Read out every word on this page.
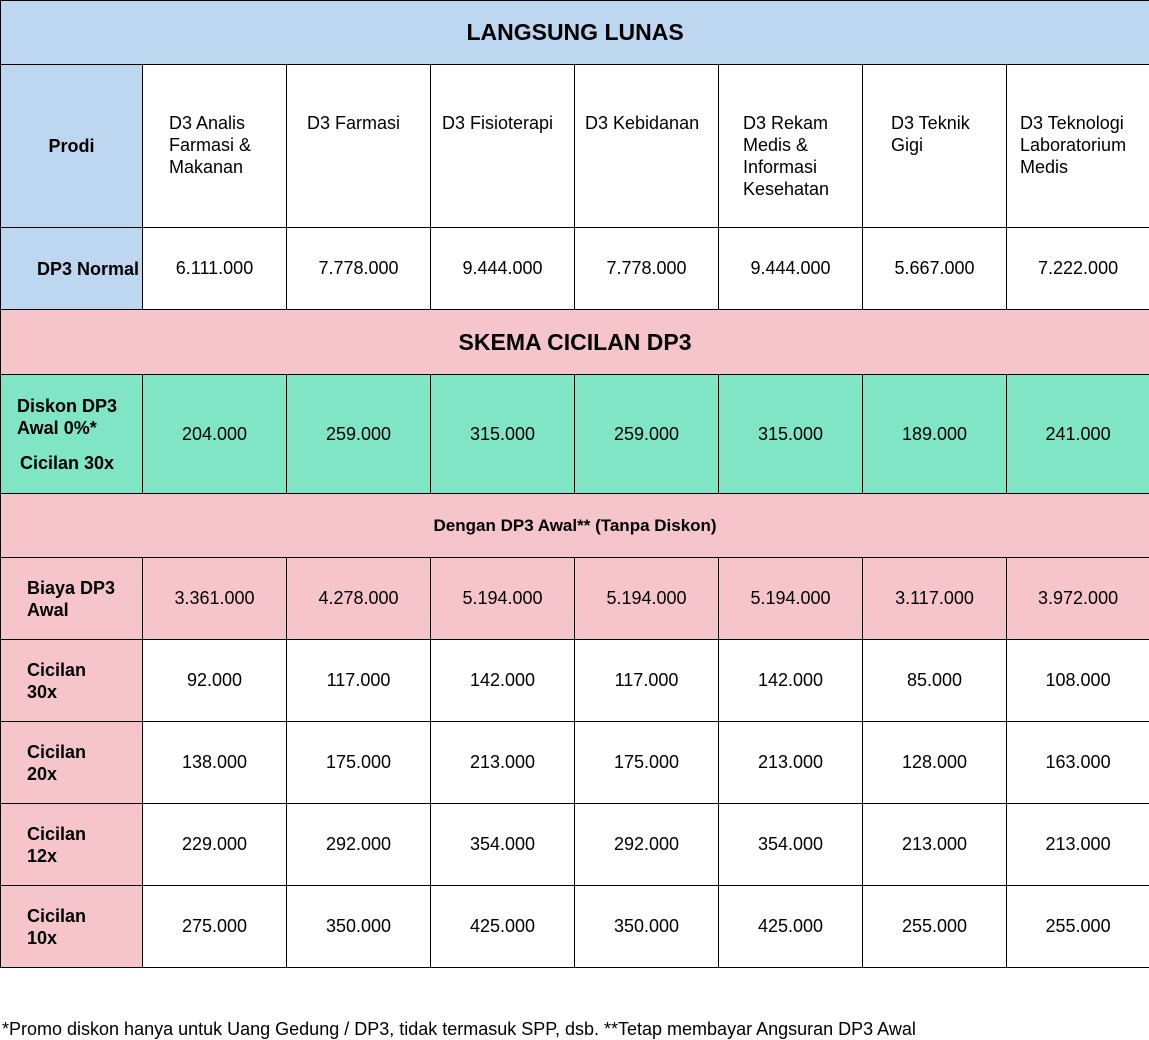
LANGSUNG LUNAS							
Prodi	D3 Analis Farmasi & Makanan	D3 Farmasi	D3 Fisioterapi	D3 Kebidanan	D3 Rekam Medis & Informasi Kesehatan	D3 Teknik Gigi	D3 Teknologi Laboratorium Medis
DP3 Normal	6.111.000	7.778.000	9.444.000	7.778.000	9.444.000	5.667.000	7.222.000
SKEMA CICILAN DP3							

Diskon DP3 Awal 0%*
Cicilan 30x	204.000	259.000	315.000	259.000	315.000	189.000	241.000
Dengan DP3 Awal** (Tanpa Diskon)							
Biaya DP3 Awal	3.361.000	4.278.000	5.194.000	5.194.000	5.194.000	3.117.000	3.972.000
Cicilan 30x	92.000	117.000	142.000	117.000	142.000	85.000	108.000
Cicilan 20x	138.000	175.000	213.000	175.000	213.000	128.000	163.000
Cicilan 12x	229.000	292.000	354.000	292.000	354.000	213.000	213.000
Cicilan 10x	275.000	350.000	425.000	350.000	425.000	255.000	255.000
*Promo diskon hanya untuk Uang Gedung / DP3, tidak termasuk SPP, dsb. **Tetap membayar Angsuran DP3 Awal
